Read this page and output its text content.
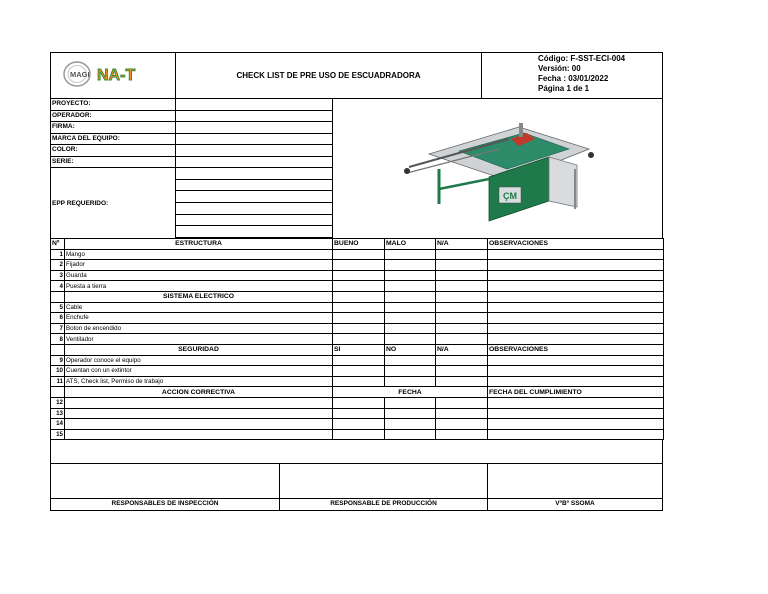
MAGI NA-T	CHECK LIST DE PRE USO DE ESCUADRADORA
Código: F-SST-ECI-004
Versión: 00
Fecha : 03/01/2022
Página 1 de 1
PROYECTO:
OPERADOR:
FIRMA:
MARCA DEL EQUIPO:
COLOR:
SERIE:
EPP REQUERIDO:
ÇM
Nº	ESTRUCTURA	BUENO	MALO	N/A	OBSERVACIONES
1	Mango				
2	Fijador				
3	Guarda				
4	Puesta a tierra				
	SISTEMA ELECTRICO				
5	Cable				
6	Enchufe				
7	Boton de encendido				
8	Ventilador				
	SEGURIDAD	SI	NO	N/A	OBSERVACIONES
9	Operador conoce el equipo				
10	Cuentan con un extintor				
11	ATS, Check list, Permiso de trabajo				
	ACCION CORRECTIVA	FECHA			FECHA DEL CUMPLIMIENTO
12					
13					
14					
15					
RESPONSABLES DE INSPECCIÓN	RESPONSABLE DE PRODUCCIÓN	VºBº SSOMA
